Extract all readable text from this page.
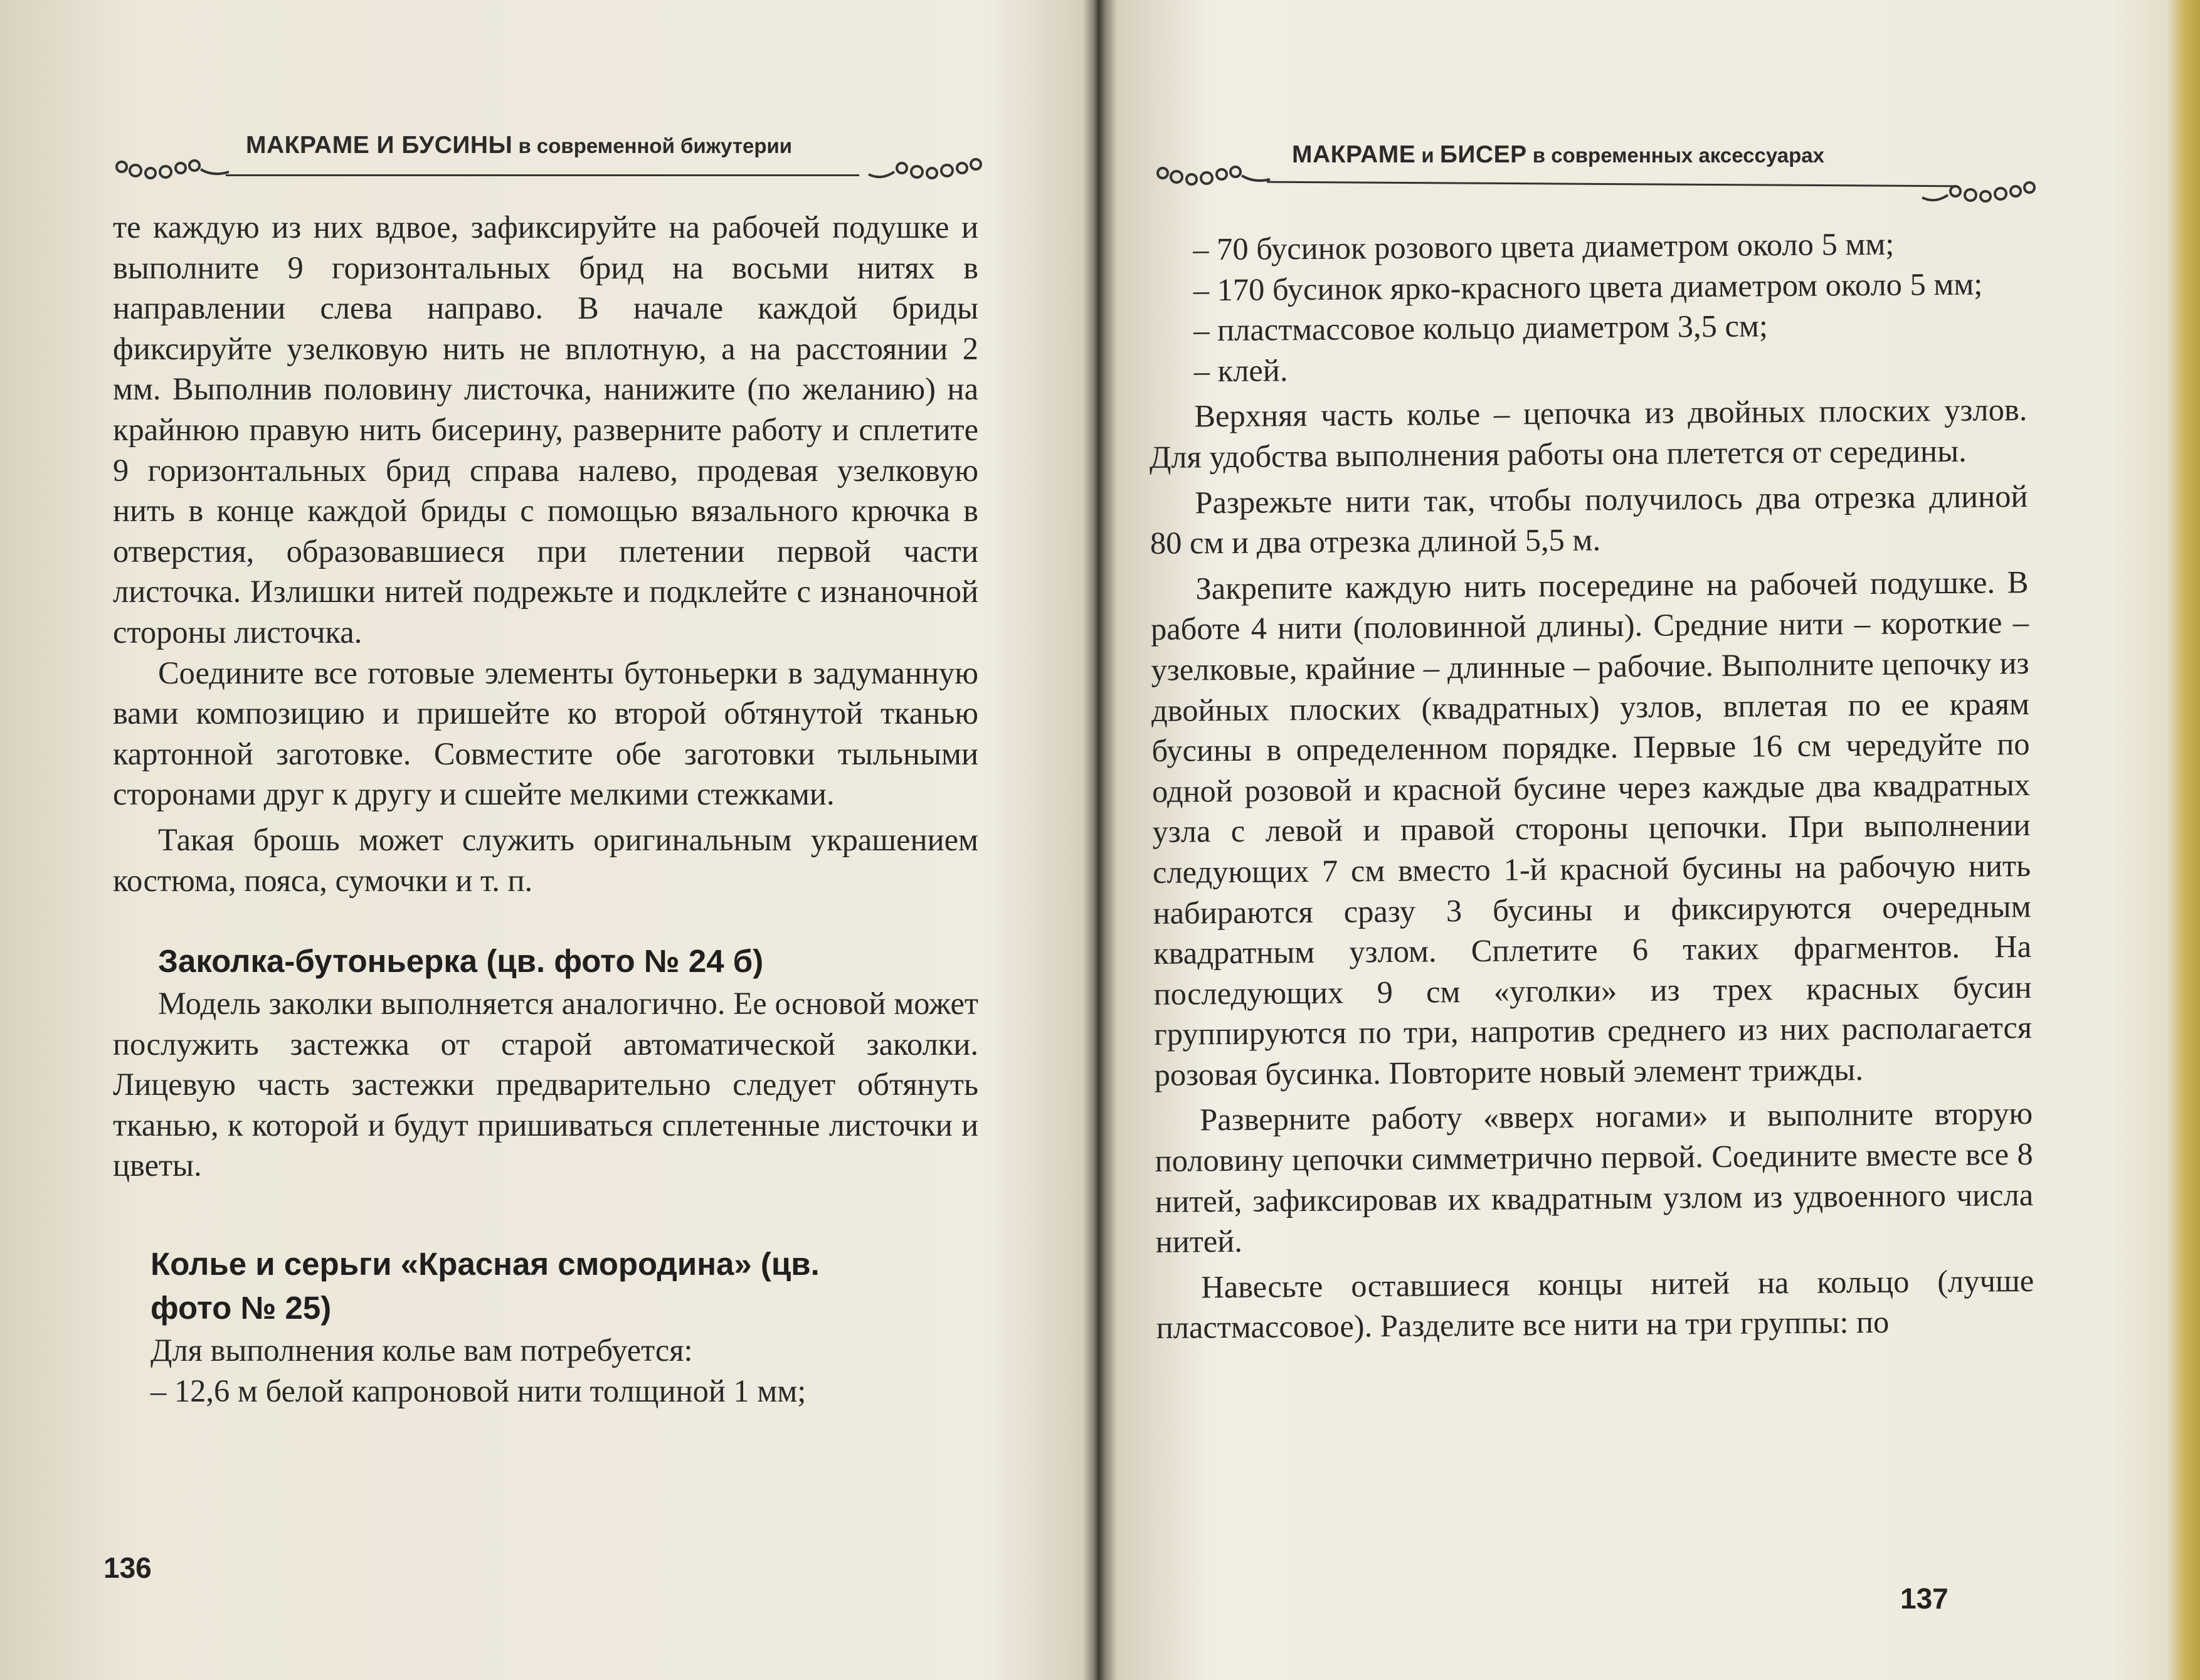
МАКРАМЕ И БУСИНЫ в современной бижутерии

те каждую из них вдвое, зафиксируйте на рабочей подушке и выполните 9 горизонтальных брид на восьми нитях в направлении слева направо. В начале каждой бриды фиксируйте узелковую нить не вплотную, а на расстоянии 2 мм. Выполнив половину листочка, нанижите (по желанию) на крайнюю правую нить бисерину, разверните работу и сплетите 9 горизонтальных брид справа налево, продевая узелковую нить в конце каждой бриды с помощью вязального крючка в отверстия, образовавшиеся при плетении первой части листочка. Излишки нитей подрежьте и подклейте с изнаночной стороны листочка.

Соедините все готовые элементы бутоньерки в задуманную вами композицию и пришейте ко второй обтянутой тканью картонной заготовке. Совместите обе заготовки тыльными сторонами друг к другу и сшейте мелкими стежками.

Такая брошь может служить оригинальным украшением костюма, пояса, сумочки и т. п.

Заколка-бутоньерка (цв. фото № 24 б)

Модель заколки выполняется аналогично. Ее основой может послужить застежка от старой автоматической заколки. Лицевую часть застежки предварительно следует обтянуть тканью, к которой и будут пришиваться сплетенные листочки и цветы.

Колье и серьги «Красная смородина» (цв. фото № 25)

Для выполнения колье вам потребуется:

– 12,6 м белой капроновой нити толщиной 1 мм;

136
МАКРАМЕ и БИСЕР в современных аксессуарах

– 70 бусинок розового цвета диаметром около 5 мм;

– 170 бусинок ярко-красного цвета диаметром около 5 мм;

– пластмассовое кольцо диаметром 3,5 см;

– клей.

Верхняя часть колье – цепочка из двойных плоских узлов. Для удобства выполнения работы она плетется от середины.

Разрежьте нити так, чтобы получилось два отрезка длиной 80 см и два отрезка длиной 5,5 м.

Закрепите каждую нить посередине на рабочей подушке. В работе 4 нити (половинной длины). Средние нити – короткие – узелковые, крайние – длинные – рабочие. Выполните цепочку из двойных плоских (квадратных) узлов, вплетая по ее краям бусины в определенном порядке. Первые 16 см чередуйте по одной розовой и красной бусине через каждые два квадратных узла с левой и правой стороны цепочки. При выполнении следующих 7 см вместо 1-й красной бусины на рабочую нить набираются сразу 3 бусины и фиксируются очередным квадратным узлом. Сплетите 6 таких фрагментов. На последующих 9 см «уголки» из трех красных бусин группируются по три, напротив среднего из них располагается розовая бусинка. Повторите новый элемент трижды.

Разверните работу «вверх ногами» и выполните вторую половину цепочки симметрично первой. Соедините вместе все 8 нитей, зафиксировав их квадратным узлом из удвоенного числа нитей.

Навесьте оставшиеся концы нитей на кольцо (лучше пластмассовое). Разделите все нити на три группы: по

137
